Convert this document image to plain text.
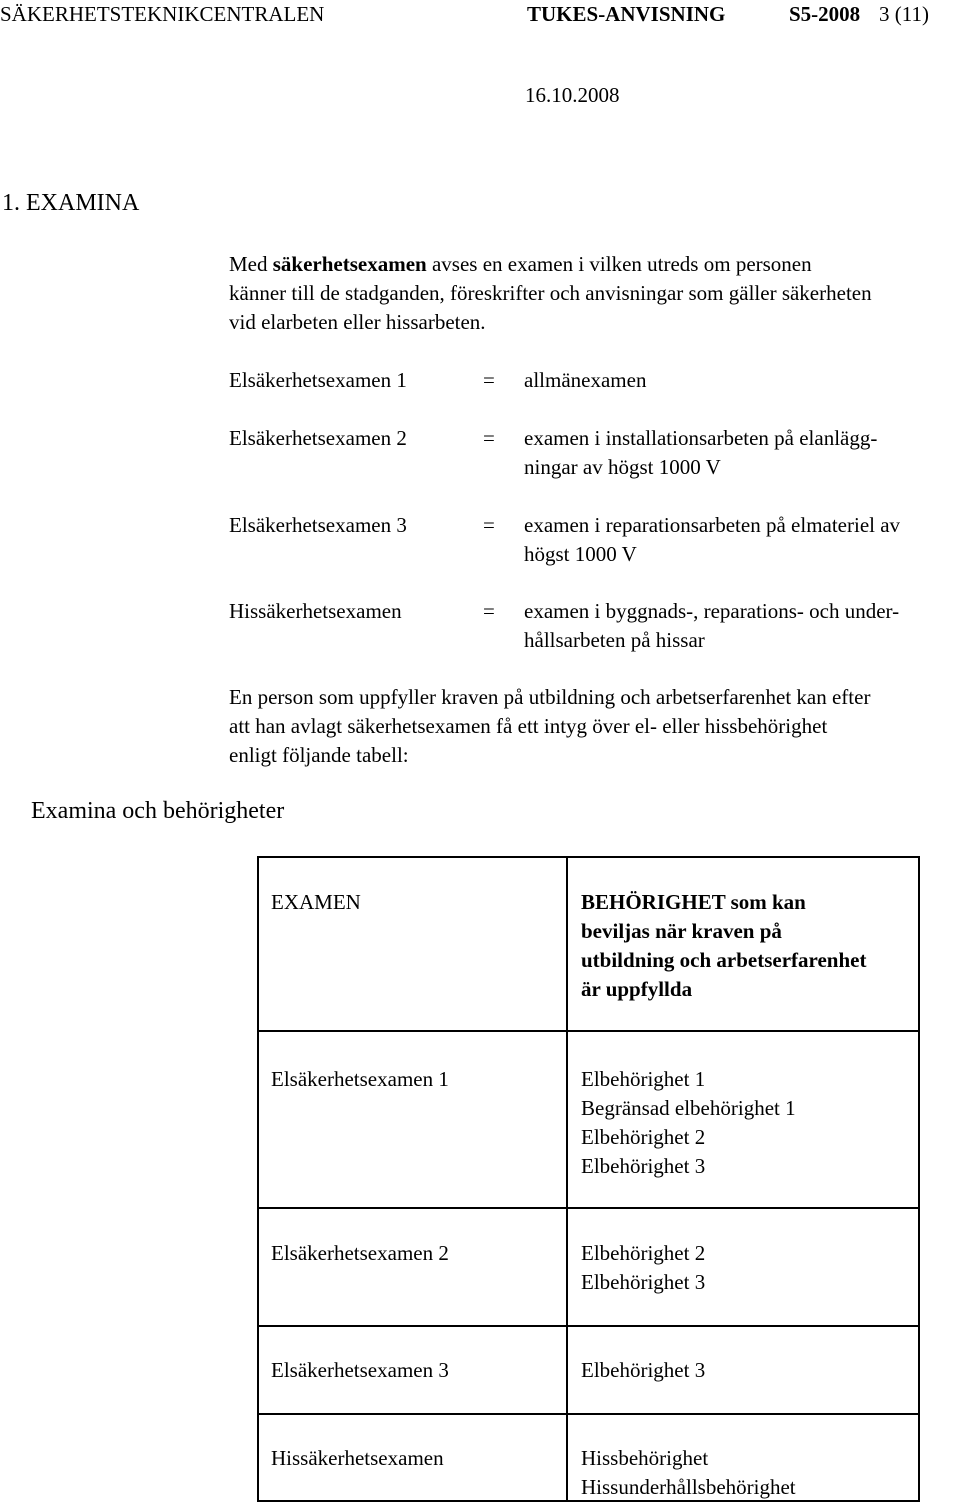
SÄKERHETSTEKNIKCENTRALEN	TUKES-ANVISNING	S5-2008 3 (11)
16.10.2008
1. EXAMINA

Med säkerhetsexamen avses en examen i vilken utreds om personen

känner till de stadganden, föreskrifter och anvisningar som gäller säkerheten

vid elarbeten eller hissarbeten.

Elsäkerhetsexamen 1	= allmänexamen
Elsäkerhetsexamen 2	= examen i installationsarbeten på elanlägg-
ningar av högst 1000 V
Elsäkerhetsexamen 3	= examen i reparationsarbeten på elmateriel av
högst 1000 V
Hissäkerhetsexamen	= examen i byggnads-, reparations- och under-
hållsarbeten på hissar
En person som uppfyller kraven på utbildning och arbetserfarenhet kan efter
att han avlagt säkerhetsexamen få ett intyg över el- eller hissbehörighet
enligt följande tabell:
Examina och behörigheter
EXAMEN	BEHÖRIGHET som kan
beviljas när kraven på
utbildning och arbetserfarenhet
är uppfyllda
Elsäkerhetsexamen 1	Elbehörighet 1
Begränsad elbehörighet 1
Elbehörighet 2
Elbehörighet 3
Elsäkerhetsexamen 2	Elbehörighet 2
Elbehörighet 3
Elsäkerhetsexamen 3	Elbehörighet 3
Hissäkerhetsexamen	Hissbehörighet
Hissunderhållsbehörighet
